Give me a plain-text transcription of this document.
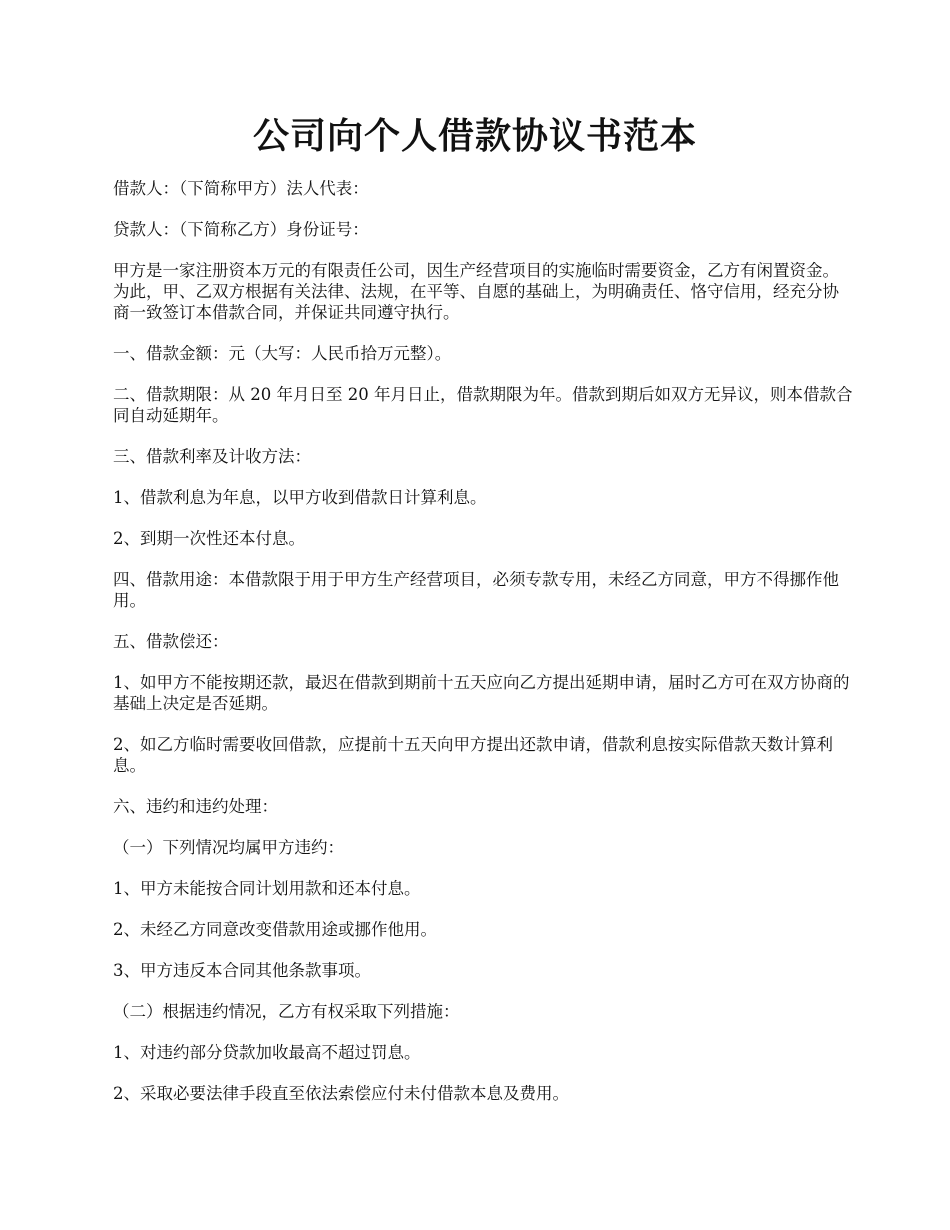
公司向个人借款协议书范本

借款人：（下简称甲方）法人代表：

贷款人：（下简称乙方）身份证号：

甲方是一家注册资本万元的有限责任公司，因生产经营项目的实施临时需要资金，乙方有闲置资金。为此，甲、乙双方根据有关法律、法规，在平等、自愿的基础上，为明确责任、恪守信用，经充分协商一致签订本借款合同，并保证共同遵守执行。

一、借款金额：元（大写：人民币拾万元整）。

二、借款期限：从 20 年月日至 20 年月日止，借款期限为年。借款到期后如双方无异议，则本借款合同自动延期年。

三、借款利率及计收方法：

1、借款利息为年息，以甲方收到借款日计算利息。

2、到期一次性还本付息。

四、借款用途：本借款限于用于甲方生产经营项目，必须专款专用，未经乙方同意，甲方不得挪作他用。

五、借款偿还：

1、如甲方不能按期还款，最迟在借款到期前十五天应向乙方提出延期申请，届时乙方可在双方协商的基础上决定是否延期。

2、如乙方临时需要收回借款，应提前十五天向甲方提出还款申请，借款利息按实际借款天数计算利息。

六、违约和违约处理：

（一）下列情况均属甲方违约：

1、甲方未能按合同计划用款和还本付息。

2、未经乙方同意改变借款用途或挪作他用。

3、甲方违反本合同其他条款事项。

（二）根据违约情况，乙方有权采取下列措施：

1、对违约部分贷款加收最高不超过罚息。

2、采取必要法律手段直至依法索偿应付未付借款本息及费用。
